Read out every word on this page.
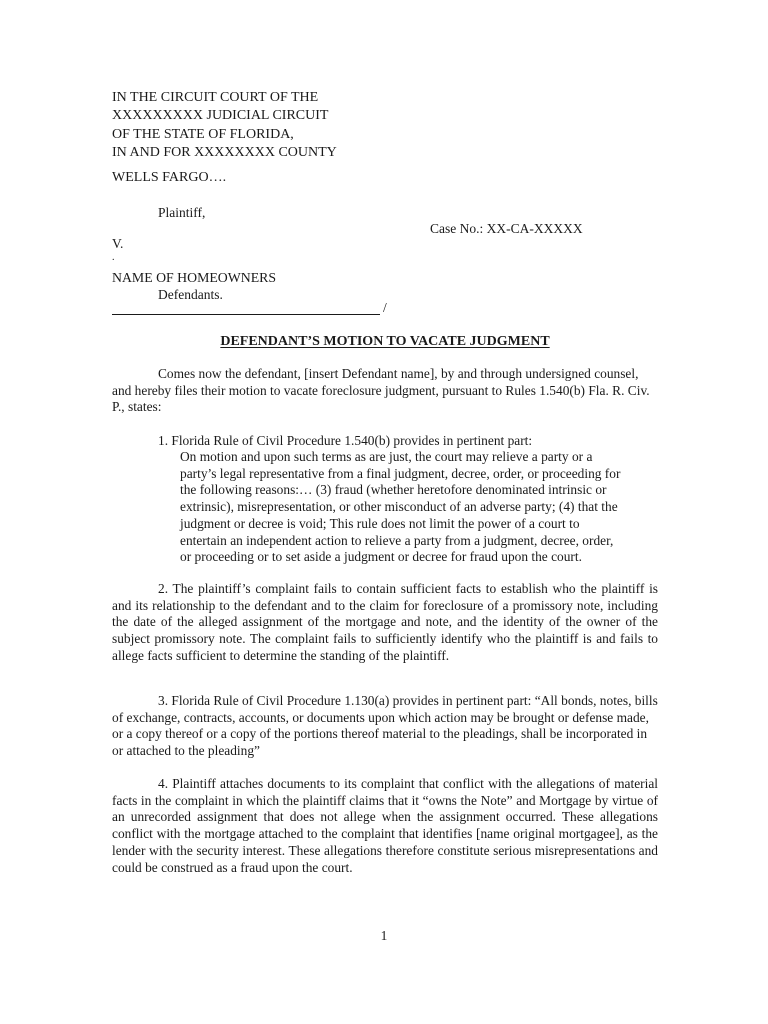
IN THE CIRCUIT COURT OF THE
XXXXXXXXX JUDICIAL CIRCUIT
OF THE STATE OF FLORIDA,
IN AND FOR XXXXXXXX COUNTY
WELLS FARGO….
Plaintiff,
Case No.: XX-CA-XXXXX
V.
.
NAME OF HOMEOWNERS
Defendants.
/
DEFENDANT’S MOTION TO VACATE JUDGMENT

Comes now the defendant, [insert Defendant name], by and through undersigned counsel, and hereby files their motion to vacate foreclosure judgment, pursuant to Rules 1.540(b) Fla. R. Civ. P., states:

1. Florida Rule of Civil Procedure 1.540(b) provides in pertinent part:

On motion and upon such terms as are just, the court may relieve a party or a party’s legal representative from a final judgment, decree, order, or proceeding for the following reasons:… (3) fraud (whether heretofore denominated intrinsic or extrinsic), misrepresentation, or other misconduct of an adverse party; (4) that the judgment or decree is void; This rule does not limit the power of a court to entertain an independent action to relieve a party from a judgment, decree, order, or proceeding or to set aside a judgment or decree for fraud upon the court.

2. The plaintiff’s complaint fails to contain sufficient facts to establish who the plaintiff is and its relationship to the defendant and to the claim for foreclosure of a promissory note, including the date of the alleged assignment of the mortgage and note, and the identity of the owner of the subject promissory note. The complaint fails to sufficiently identify who the plaintiff is and fails to allege facts sufficient to determine the standing of the plaintiff.

3. Florida Rule of Civil Procedure 1.130(a) provides in pertinent part: “All bonds, notes, bills of exchange, contracts, accounts, or documents upon which action may be brought or defense made, or a copy thereof or a copy of the portions thereof material to the pleadings, shall be incorporated in or attached to the pleading”

4. Plaintiff attaches documents to its complaint that conflict with the allegations of material facts in the complaint in which the plaintiff claims that it “owns the Note” and Mortgage by virtue of an unrecorded assignment that does not allege when the assignment occurred. These allegations conflict with the mortgage attached to the complaint that identifies [name original mortgagee], as the lender with the security interest. These allegations therefore constitute serious misrepresentations and could be construed as a fraud upon the court.

1
